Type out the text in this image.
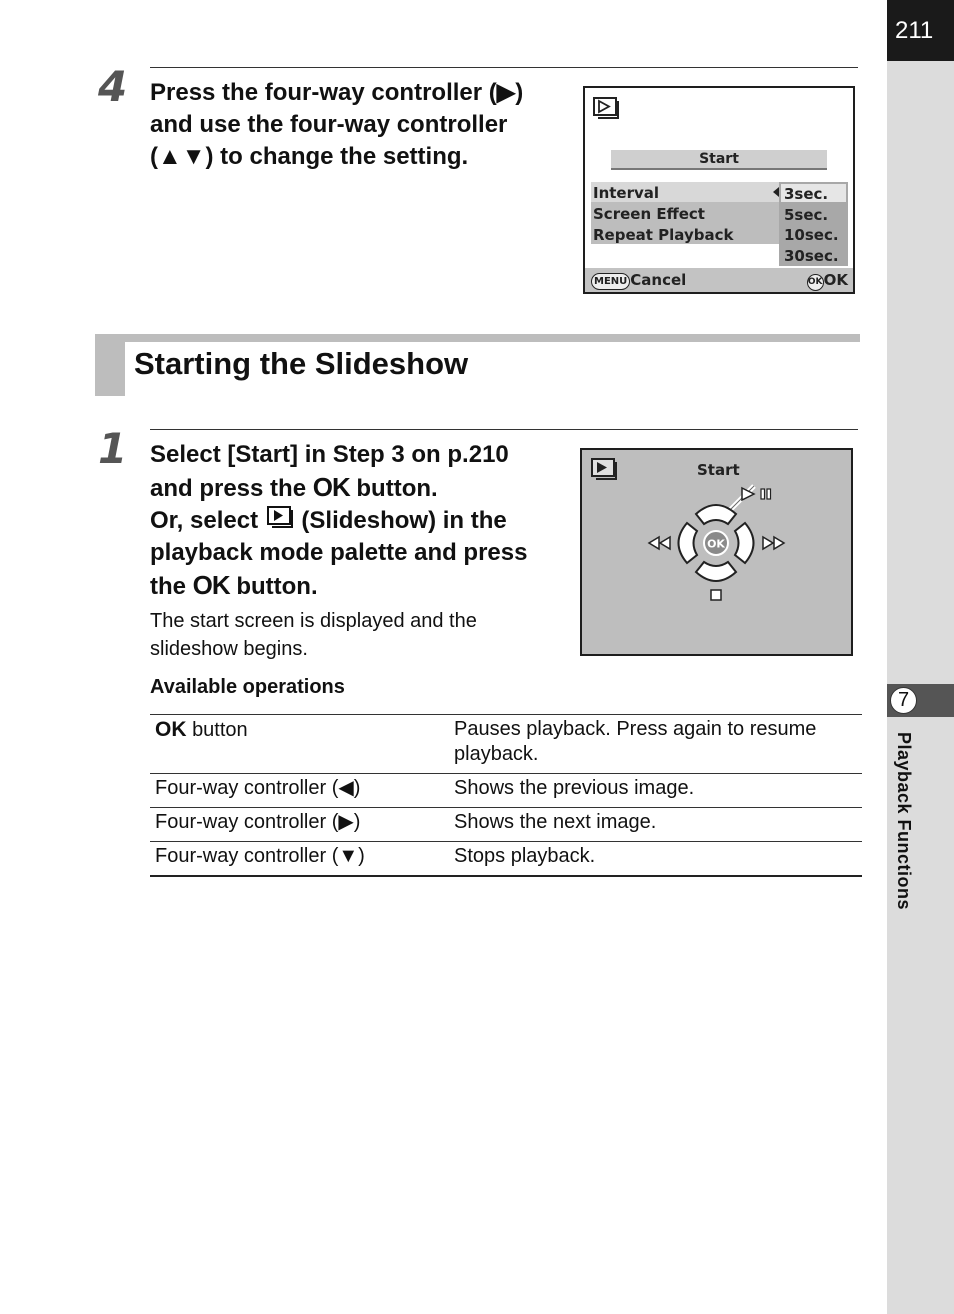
211
7
Playback Functions
4 Press the four-way controller (▶)
and use the four-way controller
(▲▼) to change the setting.	Start
Interval
Screen Effect
Repeat Playback
3sec.
5sec.
10sec.
30sec.
MENU Cancel	OKOK
Starting the Slideshow
1 Select [Start] in Step 3 on p.210
and press the OK button.
Or, select (Slideshow) in the
playback mode palette and press
the OK button.
The start screen is displayed and the slideshow begins.
Start
OK
Available operations
OK button	Pauses playback. Press again to resume playback.
Four-way controller (◀)	Shows the previous image.
Four-way controller (▶)	Shows the next image.
Four-way controller (▼)	Stops playback.
